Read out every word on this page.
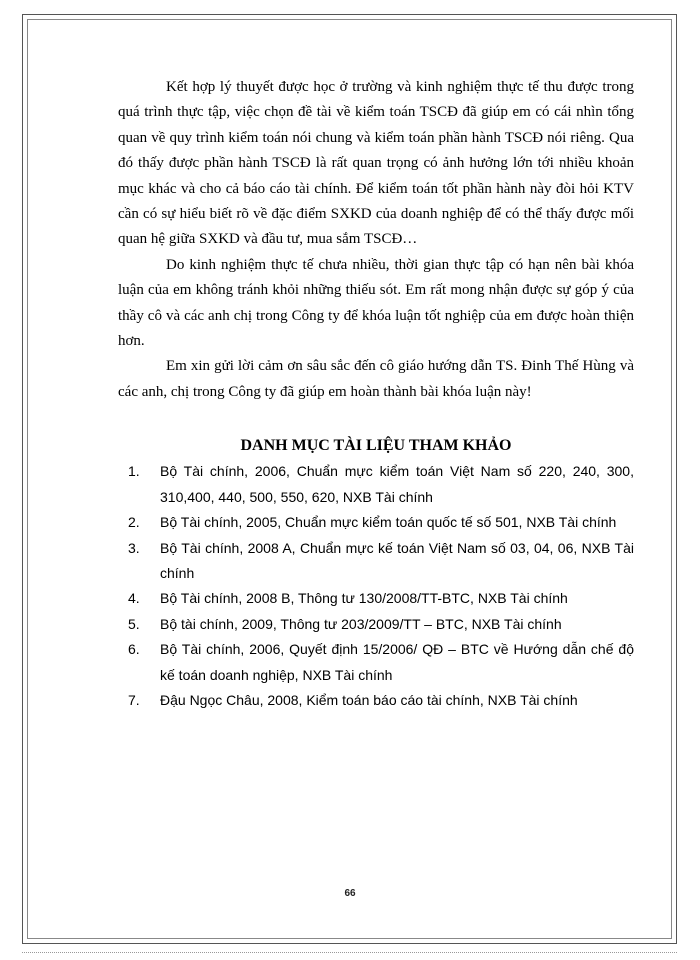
Kết hợp lý thuyết được học ở trường và kinh nghiệm thực tế thu được trong quá trình thực tập, việc chọn đề tài về kiểm toán TSCĐ đã giúp em có cái nhìn tổng quan về quy trình kiểm toán nói chung và kiểm toán phần hành TSCĐ nói riêng. Qua đó thấy được phần hành TSCĐ là rất quan trọng có ảnh hưởng lớn tới nhiều khoản mục khác và cho cả báo cáo tài chính. Để kiểm toán tốt phần hành này đòi hỏi KTV cần có sự hiểu biết rõ về đặc điểm SXKD của doanh nghiệp để có thể thấy được mối quan hệ giữa SXKD và đầu tư, mua sắm TSCĐ…

Do kinh nghiệm thực tế chưa nhiều, thời gian thực tập có hạn nên bài khóa luận của em không tránh khỏi những thiếu sót. Em rất mong nhận được sự góp ý của thầy cô và các anh chị trong Công ty để khóa luận tốt nghiệp của em được hoàn thiện hơn.

Em xin gửi lời cảm ơn sâu sắc đến cô giáo hướng dẫn TS. Đinh Thế Hùng và các anh, chị trong Công ty đã giúp em hoàn thành bài khóa luận này!

DANH MỤC TÀI LIỆU THAM KHẢO
1.	Bộ Tài chính, 2006, Chuẩn mực kiểm toán Việt Nam số 220, 240, 300, 310,400, 440, 500, 550, 620, NXB Tài chính
2.	Bộ Tài chính, 2005, Chuẩn mực kiểm toán quốc tế số 501, NXB Tài chính
3.	Bộ Tài chính, 2008 A, Chuẩn mực kế toán Việt Nam số 03, 04, 06, NXB Tài chính
4.	Bộ Tài chính, 2008 B, Thông tư 130/2008/TT-BTC, NXB Tài chính
5.	Bộ tài chính, 2009, Thông tư 203/2009/TT – BTC, NXB Tài chính
6.	Bộ Tài chính, 2006, Quyết định 15/2006/ QĐ – BTC về Hướng dẫn chế độ kế toán doanh nghiệp, NXB Tài chính
7.	Đậu Ngọc Châu, 2008, Kiểm toán báo cáo tài chính, NXB Tài chính
66
